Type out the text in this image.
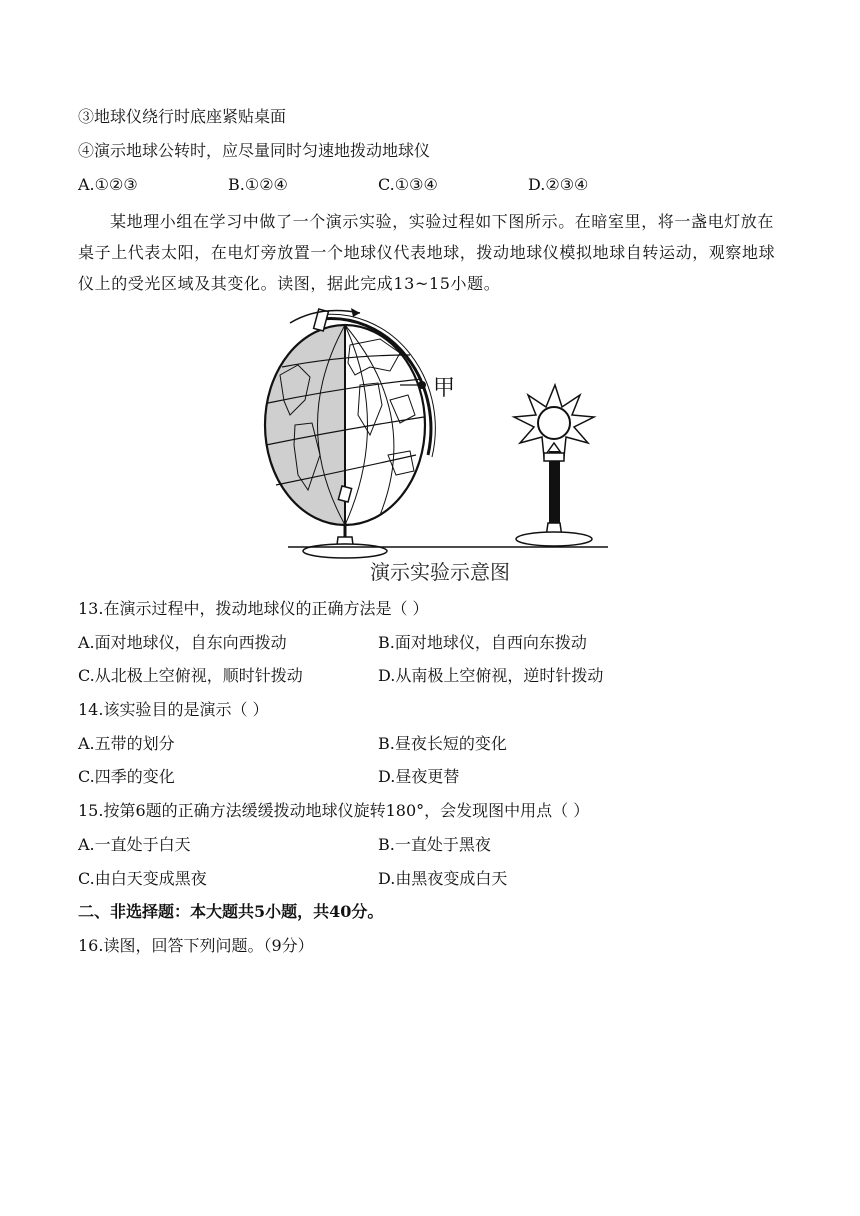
③地球仪绕行时底座紧贴桌面
④演示地球公转时，应尽量同时匀速地拨动地球仪
A.①②③	B.①②④	C.①③④	D.②③④
某地理小组在学习中做了一个演示实验，实验过程如下图所示。在暗室里，将一盏电灯放在桌子上代表太阳，在电灯旁放置一个地球仪代表地球，拨动地球仪模拟地球自转运动，观察地球仪上的受光区域及其变化。读图，据此完成13~15小题。
甲
演示实验示意图
13.在演示过程中，拨动地球仪的正确方法是（ ）
A.面对地球仪，自东向西拨动	B.面对地球仪，自西向东拨动
C.从北极上空俯视，顺时针拨动	D.从南极上空俯视，逆时针拨动
14.该实验目的是演示（ ）
A.五带的划分	B.昼夜长短的变化
C.四季的变化	D.昼夜更替
15.按第6题的正确方法缓缓拨动地球仪旋转180°，会发现图中用点（ ）
A.一直处于白天	B.一直处于黑夜
C.由白天变成黑夜	D.由黑夜变成白天
二、非选择题：本大题共5小题，共40分。
16.读图，回答下列问题。（9分）
